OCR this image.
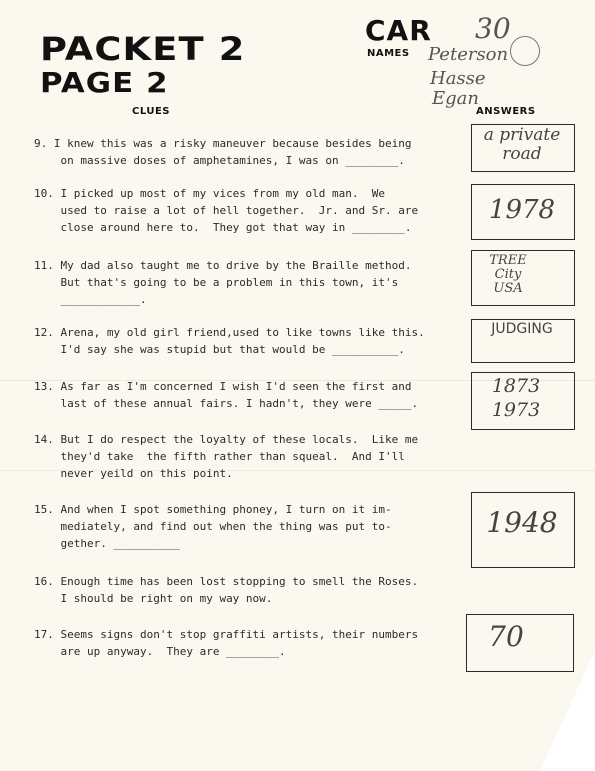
PACKET 2
PAGE 2
CAR
NAMES
CLUES	ANSWERS
30
Peterson
Hasse
Egan
9. I knew this was a risky maneuver because besides being
on massive doses of amphetamines, I was on ________.
a private road
10. I picked up most of my vices from my old man.  We
used to raise a lot of hell together.  Jr. and Sr. are
close around here to.  They got that way in ________.
1978
11. My dad also taught me to drive by the Braille method.
But that's going to be a problem in this town, it's
____________.
TREE City USA
12. Arena, my old girl friend,used to like towns like this.
I'd say she was stupid but that would be __________.
JUDGING
13. As far as I'm concerned I wish I'd seen the first and
last of these annual fairs. I hadn't, they were _____.
1873 1973
14. But I do respect the loyalty of these locals.  Like me
they'd take  the fifth rather than squeal.  And I'll
never yeild on this point.
15. And when I spot something phoney, I turn on it im-
mediately, and find out when the thing was put to-
gether. __________
1948
16. Enough time has been lost stopping to smell the Roses.
I should be right on my way now.
17. Seems signs don't stop graffiti artists, their numbers
are up anyway.  They are ________.	70
